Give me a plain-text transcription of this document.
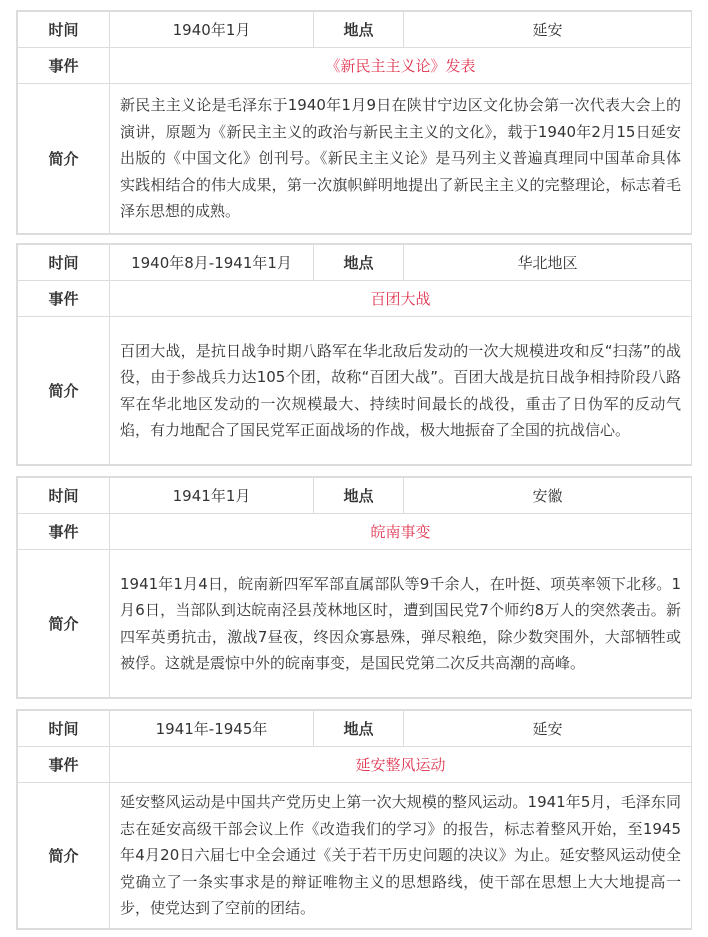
时间	1940年1月	地点	延安
事件	《新民主主义论》发表		
简介	新民主主义论是毛泽东于1940年1月9日在陕甘宁边区文化协会第一次代表大会上的演讲，原题为《新民主主义的政治与新民主主义的文化》，载于1940年2月15日延安出版的《中国文化》创刊号。《新民主主义论》是马列主义普遍真理同中国革命具体实践相结合的伟大成果，第一次旗帜鲜明地提出了新民主主义的完整理论，标志着毛泽东思想的成熟。		
时间	1940年8月-1941年1月	地点	华北地区
事件	百团大战		
简介	百团大战，是抗日战争时期八路军在华北敌后发动的一次大规模进攻和反“扫荡”的战役，由于参战兵力达105个团，故称“百团大战”。百团大战是抗日战争相持阶段八路军在华北地区发动的一次规模最大、持续时间最长的战役，重击了日伪军的反动气焰，有力地配合了国民党军正面战场的作战，极大地振奋了全国的抗战信心。		
时间	1941年1月	地点	安徽
事件	皖南事变		
简介	1941年1月4日，皖南新四军军部直属部队等9千余人，在叶挺、项英率领下北移。1月6日，当部队到达皖南泾县茂林地区时，遭到国民党7个师约8万人的突然袭击。新四军英勇抗击，激战7昼夜，终因众寡悬殊，弹尽粮绝，除少数突围外，大部牺牲或被俘。这就是震惊中外的皖南事变，是国民党第二次反共高潮的高峰。		
时间	1941年-1945年	地点	延安
事件	延安整风运动		
简介	延安整风运动是中国共产党历史上第一次大规模的整风运动。1941年5月，毛泽东同志在延安高级干部会议上作《改造我们的学习》的报告，标志着整风开始，至1945年4月20日六届七中全会通过《关于若干历史问题的决议》为止。延安整风运动使全党确立了一条实事求是的辩证唯物主义的思想路线，使干部在思想上大大地提高一步，使党达到了空前的团结。		
